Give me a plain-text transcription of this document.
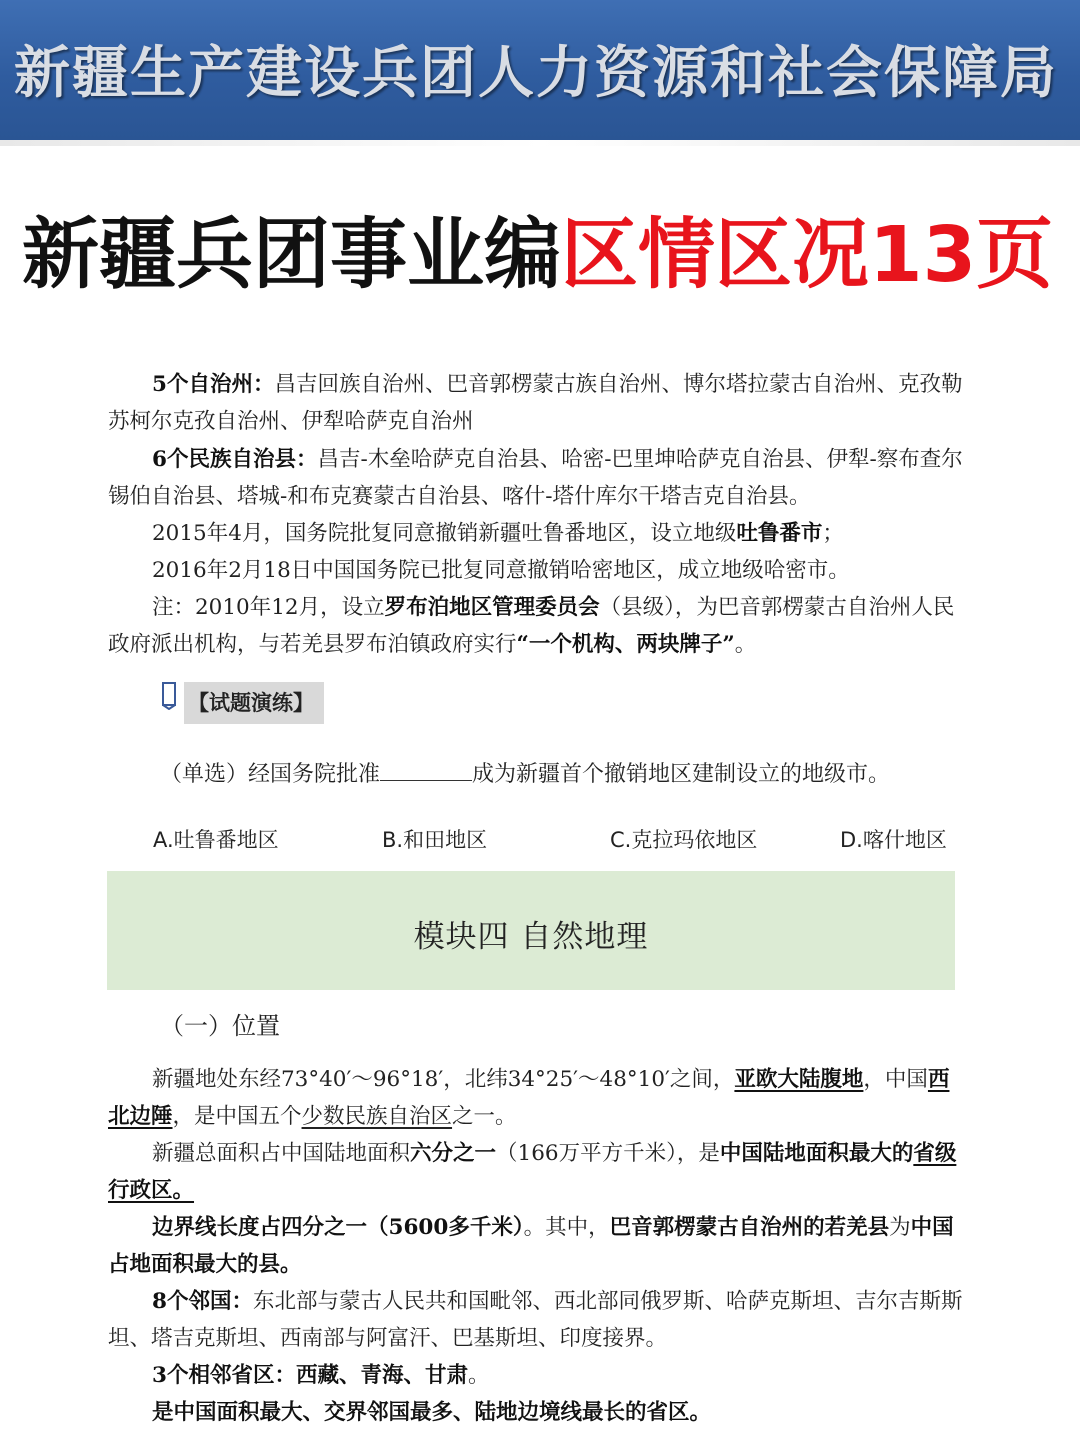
新疆生产建设兵团人力资源和社会保障局
新疆兵团事业编区情区况13页
5个自治州：昌吉回族自治州、巴音郭楞蒙古族自治州、博尔塔拉蒙古自治州、克孜勒苏柯尔克孜自治州、伊犁哈萨克自治州
6个民族自治县：昌吉-木垒哈萨克自治县、哈密-巴里坤哈萨克自治县、伊犁-察布查尔锡伯自治县、塔城-和布克赛蒙古自治县、喀什-塔什库尔干塔吉克自治县。
2015年4月，国务院批复同意撤销新疆吐鲁番地区，设立地级吐鲁番市；
2016年2月18日中国国务院已批复同意撤销哈密地区，成立地级哈密市。
注：2010年12月，设立罗布泊地区管理委员会（县级），为巴音郭楞蒙古自治州人民政府派出机构，与若羌县罗布泊镇政府实行“一个机构、两块牌子”。
【试题演练】
（单选）经国务院批准	成为新疆首个撤销地区建制设立的地级市。
A.吐鲁番地区	B.和田地区	C.克拉玛依地区	D.喀什地区
模块四 自然地理
（一）位置
新疆地处东经73°40′～96°18′，北纬34°25′～48°10′之间，亚欧大陆腹地，中国西北边陲，是中国五个少数民族自治区之一。
新疆总面积占中国陆地面积六分之一（166万平方千米），是中国陆地面积最大的省级行政区。
边界线长度占四分之一（5600多千米）。其中，巴音郭楞蒙古自治州的若羌县为中国占地面积最大的县。
8个邻国：东北部与蒙古人民共和国毗邻、西北部同俄罗斯、哈萨克斯坦、吉尔吉斯斯坦、塔吉克斯坦、西南部与阿富汗、巴基斯坦、印度接界。
3个相邻省区：西藏、青海、甘肃。
是中国面积最大、交界邻国最多、陆地边境线最长的省区。
